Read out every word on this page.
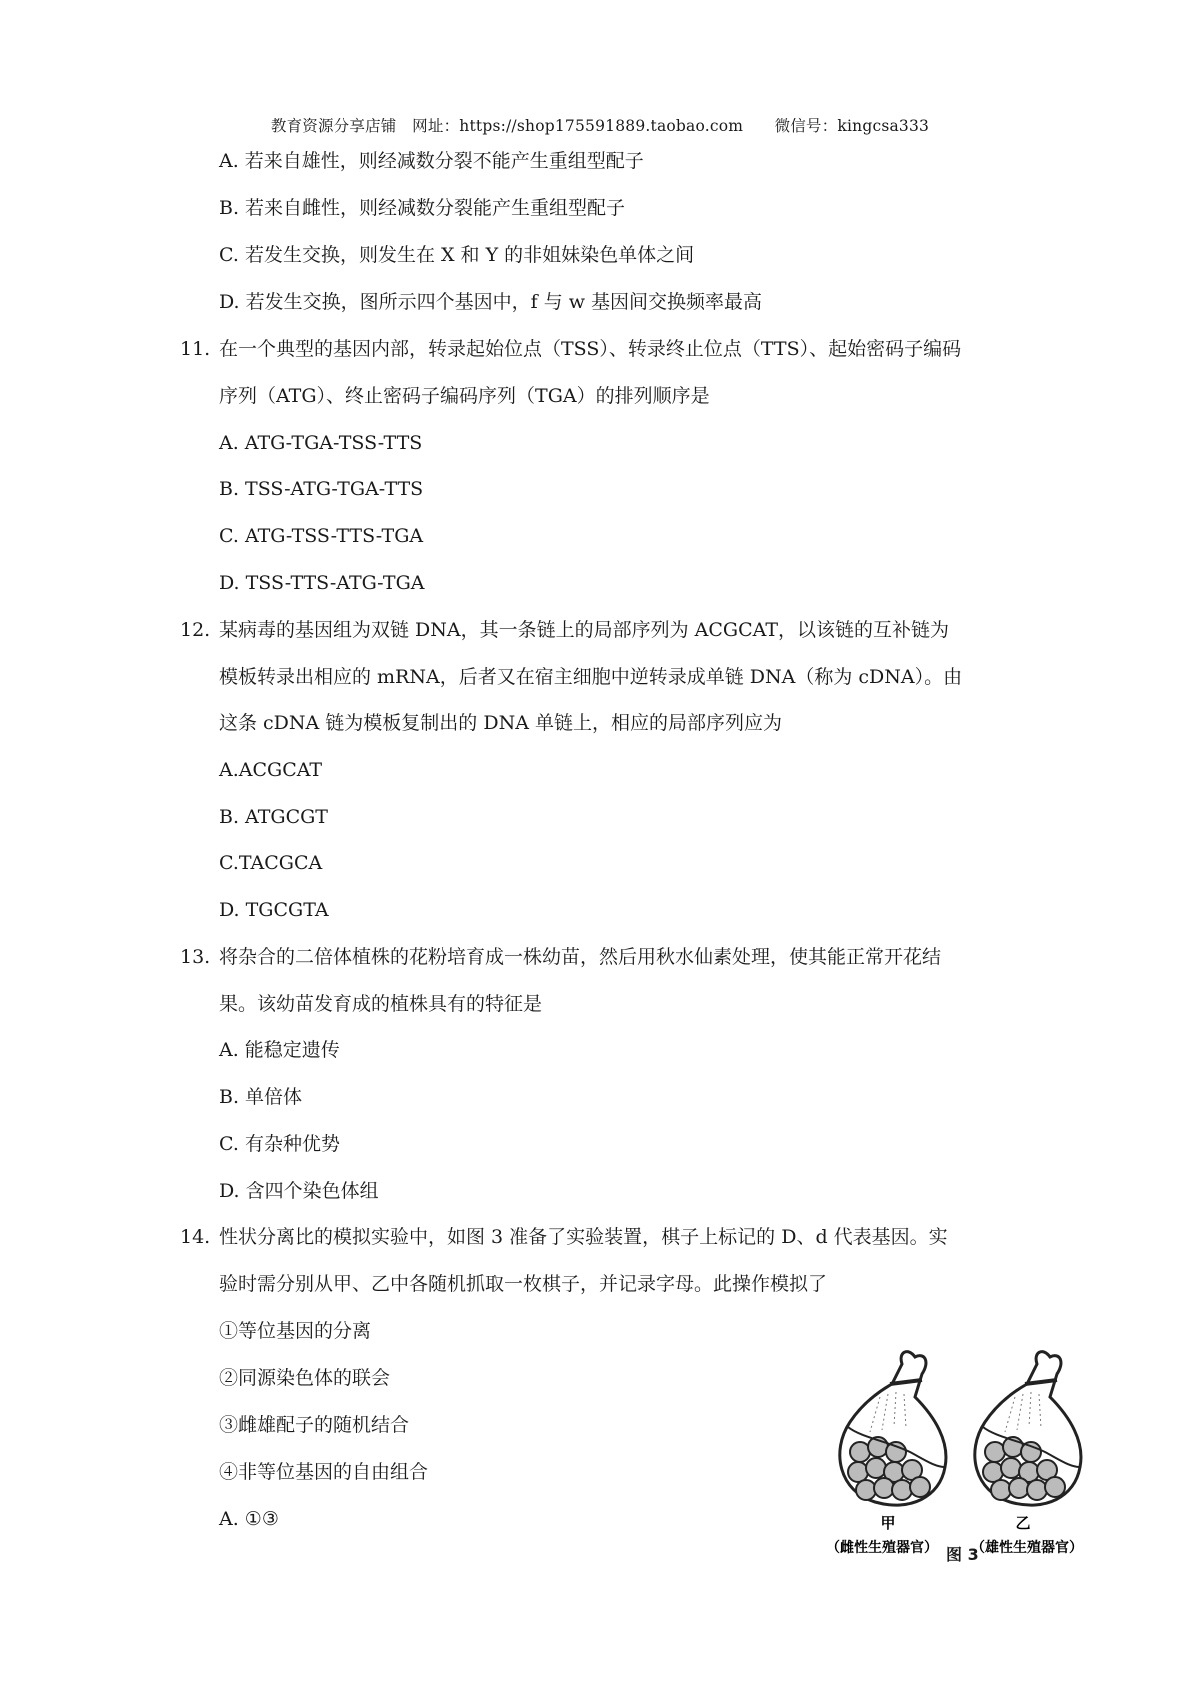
教育资源分享店铺　网址：https://shop175591889.taobao.com　　微信号：kingcsa333
A. 若来自雄性，则经减数分裂不能产生重组型配子
B. 若来自雌性，则经减数分裂能产生重组型配子
C. 若发生交换，则发生在 X 和 Y 的非姐妹染色单体之间
D. 若发生交换，图所示四个基因中，f 与 w 基因间交换频率最高
11. 在一个典型的基因内部，转录起始位点（TSS）、转录终止位点（TTS）、起始密码子编码
序列（ATG）、终止密码子编码序列（TGA）的排列顺序是
A. ATG-TGA-TSS-TTS
B. TSS-ATG-TGA-TTS
C. ATG-TSS-TTS-TGA
D. TSS-TTS-ATG-TGA
12. 某病毒的基因组为双链 DNA，其一条链上的局部序列为 ACGCAT，以该链的互补链为
模板转录出相应的 mRNA，后者又在宿主细胞中逆转录成单链 DNA（称为 cDNA）。由
这条 cDNA 链为模板复制出的 DNA 单链上，相应的局部序列应为
A.ACGCAT
B. ATGCGT
C.TACGCA
D. TGCGTA
13. 将杂合的二倍体植株的花粉培育成一株幼苗，然后用秋水仙素处理，使其能正常开花结
果。该幼苗发育成的植株具有的特征是
A. 能稳定遗传
B. 单倍体
C. 有杂种优势
D. 含四个染色体组
14. 性状分离比的模拟实验中，如图 3 准备了实验装置，棋子上标记的 D、d 代表基因。实
验时需分别从甲、乙中各随机抓取一枚棋子，并记录字母。此操作模拟了
①等位基因的分离
②同源染色体的联会
③雌雄配子的随机结合
④非等位基因的自由组合
A. ①③	甲
（雌性生殖器官）
乙
（雄性生殖器官）
图 3
